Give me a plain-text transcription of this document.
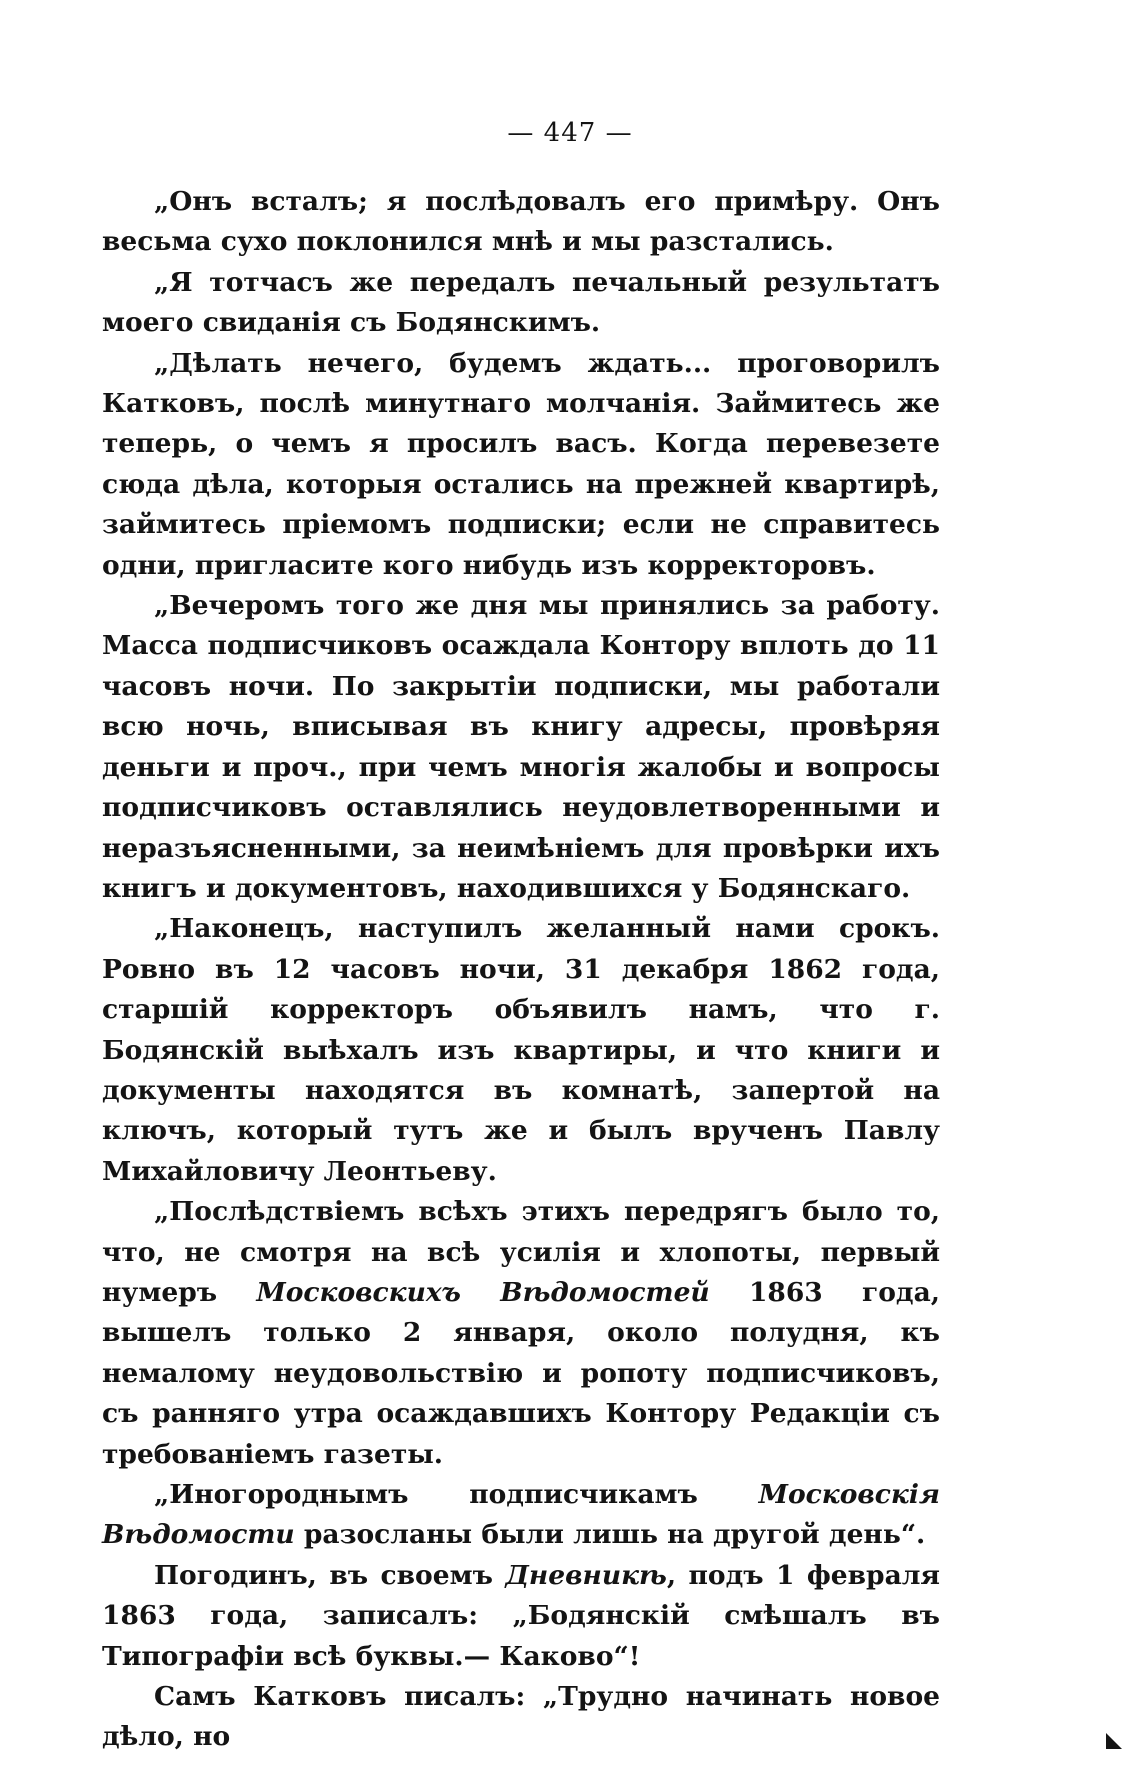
— 447 —

„Онъ всталъ; я послѣдовалъ его примѣру. Онъ весьма сухо поклонился мнѣ и мы разстались.

„Я тотчасъ же передалъ печальный результатъ моего свиданія съ Бодянскимъ.

„Дѣлать нечего, будемъ ждать... проговорилъ Катковъ, послѣ минутнаго молчанія. Займитесь же теперь, о чемъ я просилъ васъ. Когда перевезете сюда дѣла, которыя остались на прежней квартирѣ, займитесь пріемомъ подписки; если не справитесь одни, пригласите кого нибудь изъ корректоровъ.

„Вечеромъ того же дня мы принялись за работу. Масса подписчиковъ осаждала Контору вплоть до 11 часовъ ночи. По закрытіи подписки, мы работали всю ночь, вписывая въ книгу адресы, провѣряя деньги и проч., при чемъ многія жалобы и вопросы подписчиковъ оставлялись неудовлетворенными и неразъясненными, за неимѣніемъ для провѣрки ихъ книгъ и документовъ, находившихся у Бодянскаго.

„Наконецъ, наступилъ желанный нами срокъ. Ровно въ 12 часовъ ночи, 31 декабря 1862 года, старшій корректоръ объявилъ намъ, что г. Бодянскій выѣхалъ изъ квартиры, и что книги и документы находятся въ комнатѣ, запертой на ключъ, который тутъ же и былъ врученъ Павлу Михайловичу Леонтьеву.

„Послѣдствіемъ всѣхъ этихъ передрягъ было то, что, не смотря на всѣ усилія и хлопоты, первый нумеръ Московскихъ Вѣдомостей 1863 года, вышелъ только 2 января, около полудня, къ немалому неудовольствію и ропоту подписчиковъ, съ ранняго утра осаждавшихъ Контору Редакціи съ требованіемъ газеты.

„Иногороднымъ подписчикамъ Московскія Вѣдомости разосланы были лишь на другой день“.

Погодинъ, въ своемъ Дневникѣ, подъ 1 февраля 1863 года, записалъ: „Бодянскій смѣшалъ въ Типографіи всѣ буквы.— Каково“!

Самъ Катковъ писалъ: „Трудно начинать новое дѣло, но
